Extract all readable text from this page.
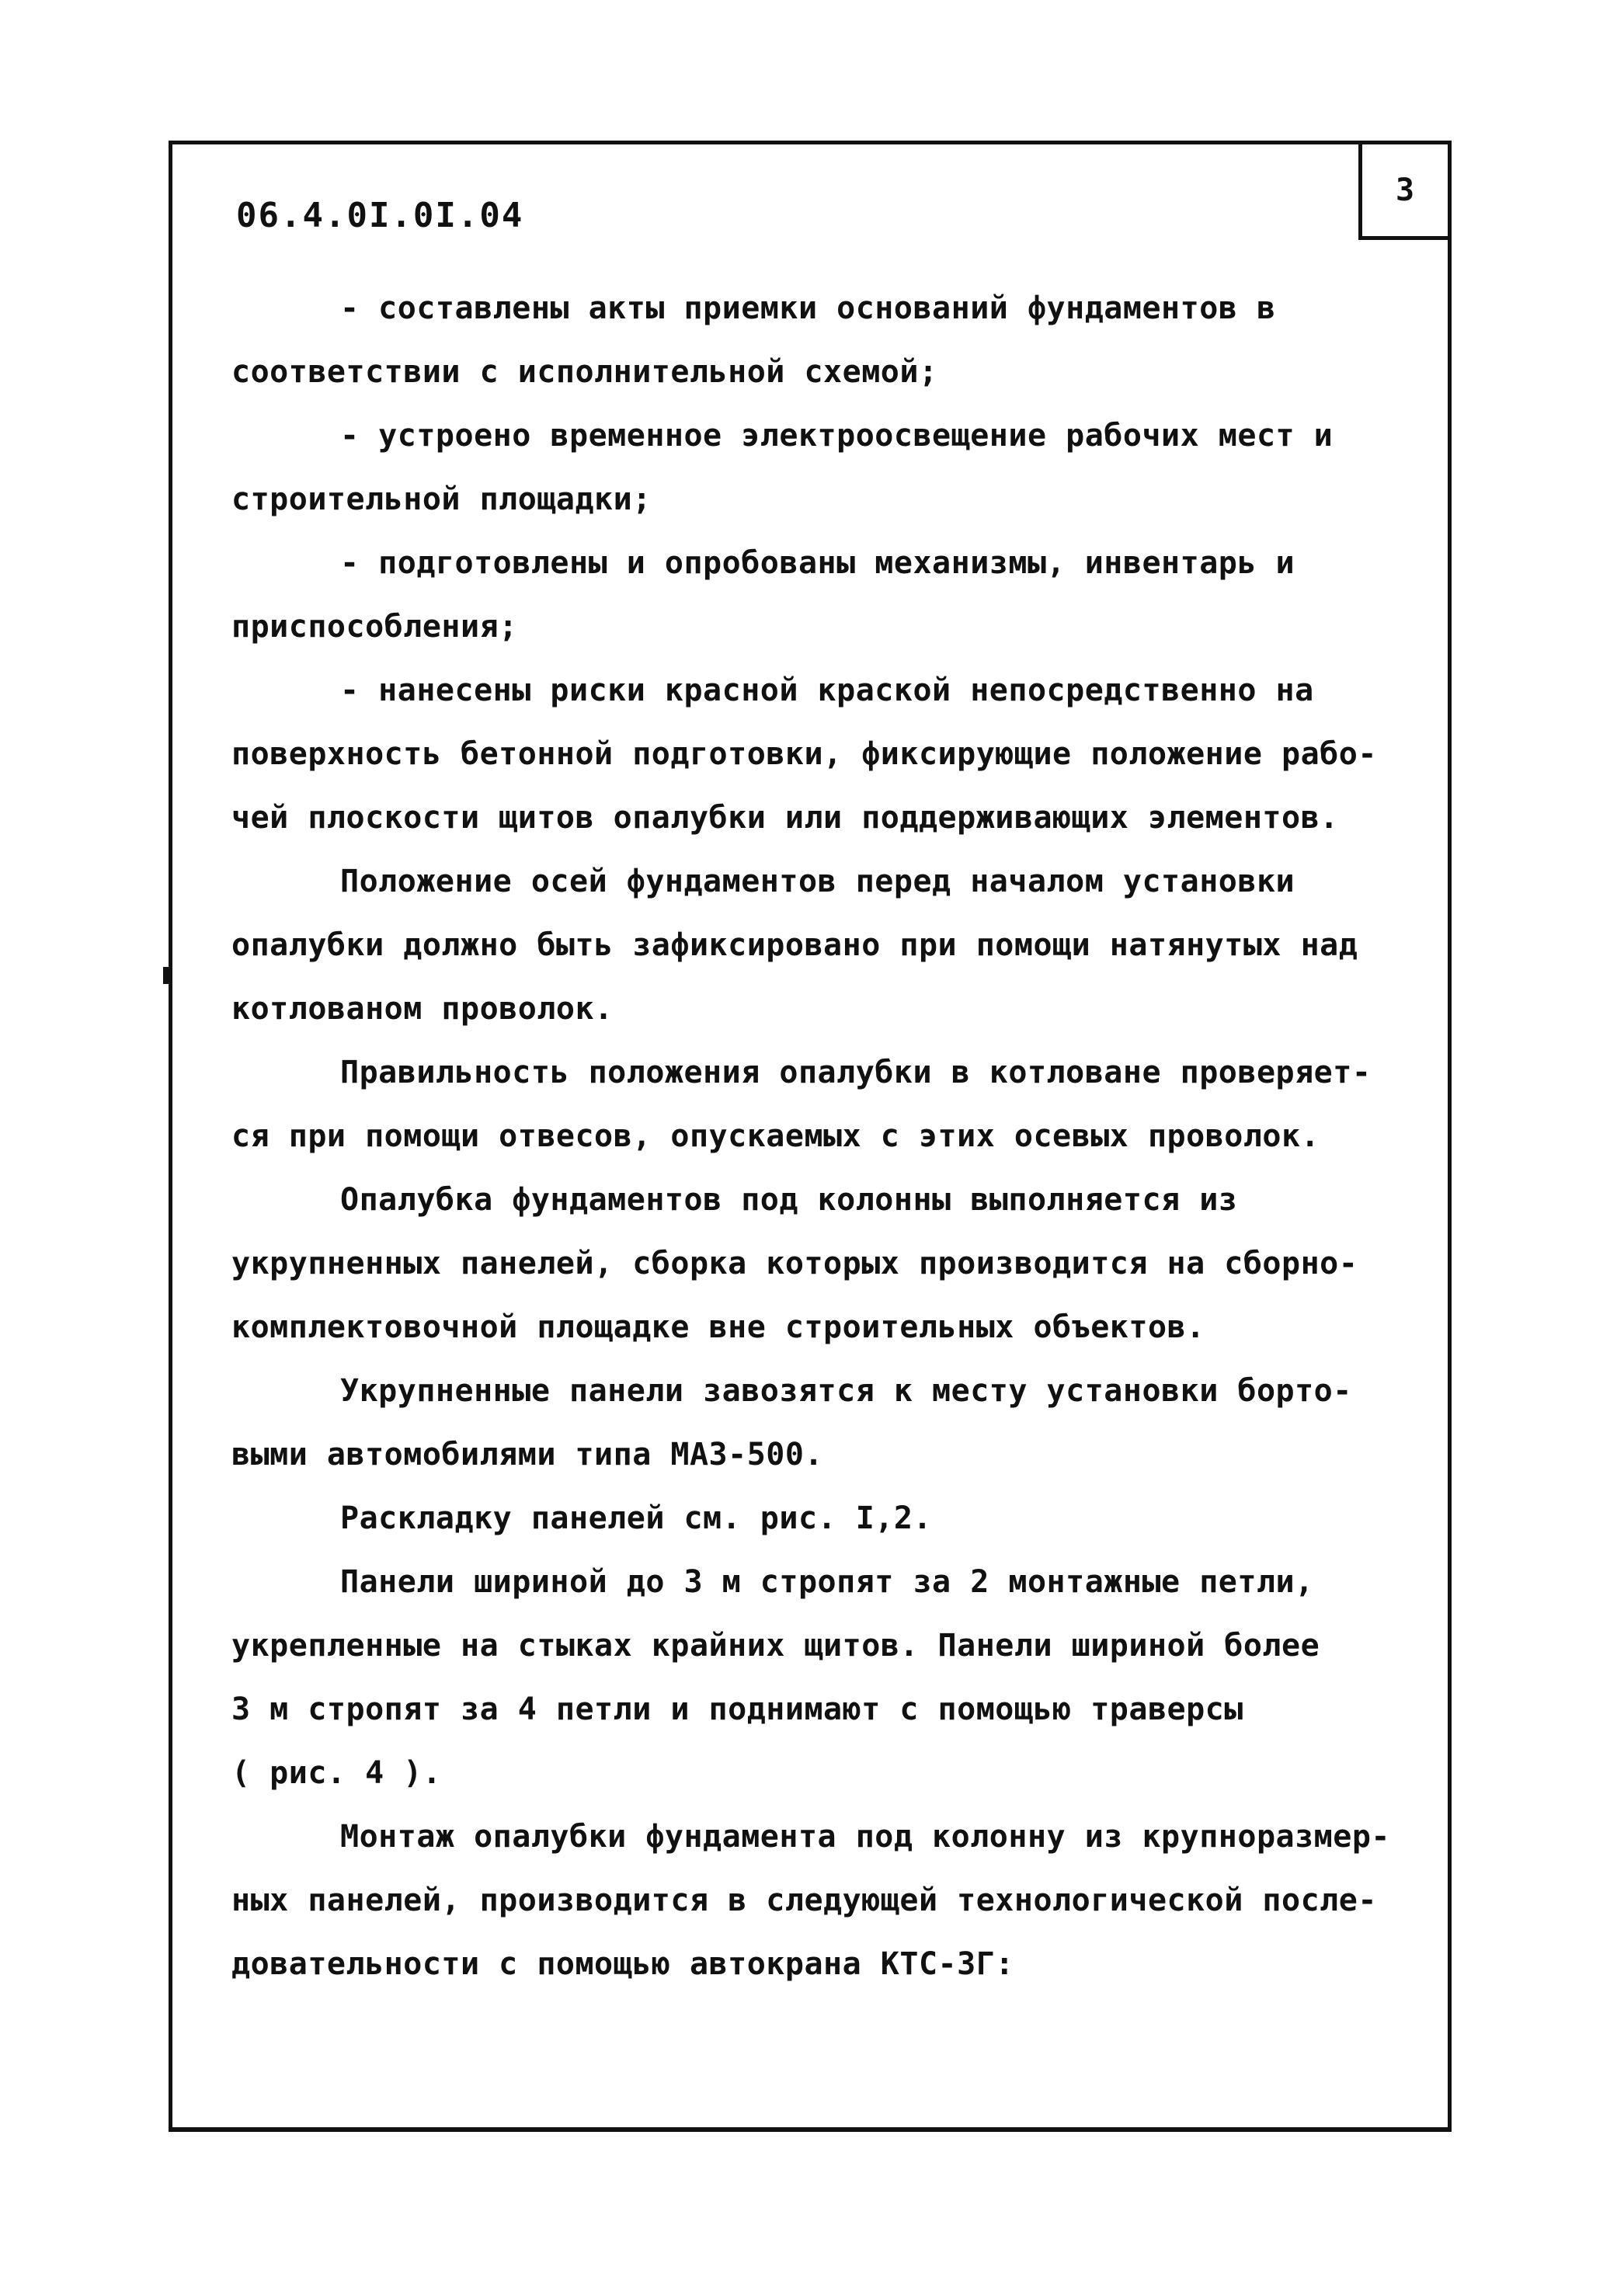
06.4.0I.0I.04
3
- составлены акты приемки оснований фундаментов в
соответствии с исполнительной схемой;
- устроено временное электроосвещение рабочих мест и
строительной площадки;
- подготовлены и опробованы механизмы, инвентарь и
приспособления;
- нанесены риски красной краской непосредственно на
поверхность бетонной подготовки, фиксирующие положение рабо-
чей плоскости щитов опалубки или поддерживающих элементов.
Положение осей фундаментов перед началом установки
опалубки должно быть зафиксировано при помощи натянутых над
котлованом проволок.
Правильность положения опалубки в котловане проверяет-
ся при помощи отвесов, опускаемых с этих осевых проволок.
Опалубка фундаментов под колонны выполняется из
укрупненных панелей, сборка которых производится на сборно-
комплектовочной площадке вне строительных объектов.
Укрупненные панели завозятся к месту установки борто-
выми автомобилями типа МАЗ-500.
Раскладку панелей см. рис. I,2.
Панели шириной до 3 м стропят за 2 монтажные петли,
укрепленные на стыках крайних щитов. Панели шириной более
3 м стропят за 4 петли и поднимают с помощью траверсы
( рис. 4 ).
Монтаж опалубки фундамента под колонну из крупноразмер-
ных панелей, производится в следующей технологической после-
довательности с помощью автокрана КТС-3Г:
